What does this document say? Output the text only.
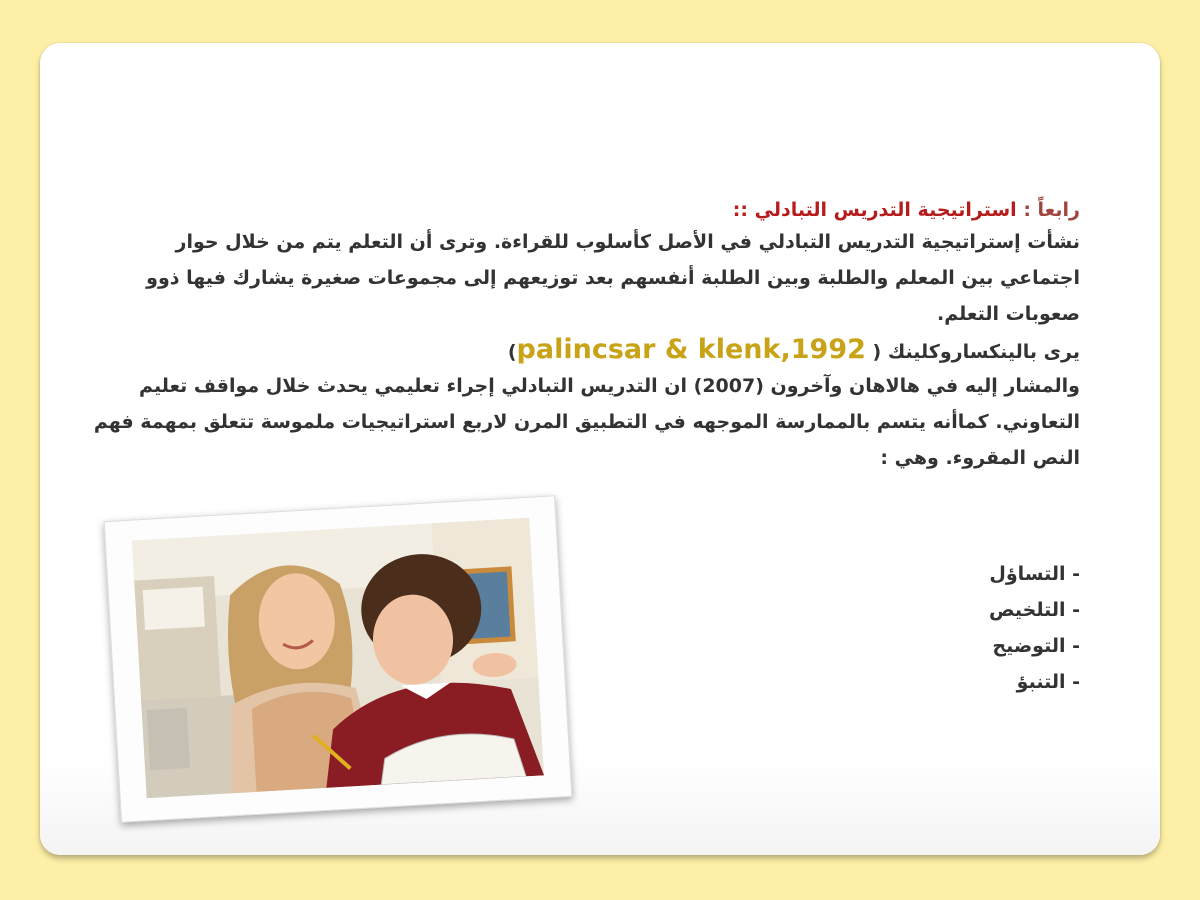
رابعاً : استراتيجية التدريس التبادلي ::
نشأت إستراتيجية التدريس التبادلي في الأصل كأسلوب للقراءة. وترى أن التعلم يتم من خلال حوار
اجتماعي بين المعلم والطلبة وبين الطلبة أنفسهم بعد توزيعهم إلى مجموعات صغيرة يشارك فيها ذوو
صعوبات التعلم.
يرى بالينكساروكلينك ( palincsar & klenk,1992)
والمشار إليه في هالاهان وآخرون (2007) ان التدريس التبادلي إجراء تعليمي يحدث خلال مواقف تعليم
التعاوني. كماأنه يتسم بالممارسة الموجهه في التطبيق المرن لاربع استراتيجيات ملموسة تتعلق بمهمة فهم
النص المقروء. وهي :
- التساؤل
- التلخيص
- التوضيح
- التنبؤ
